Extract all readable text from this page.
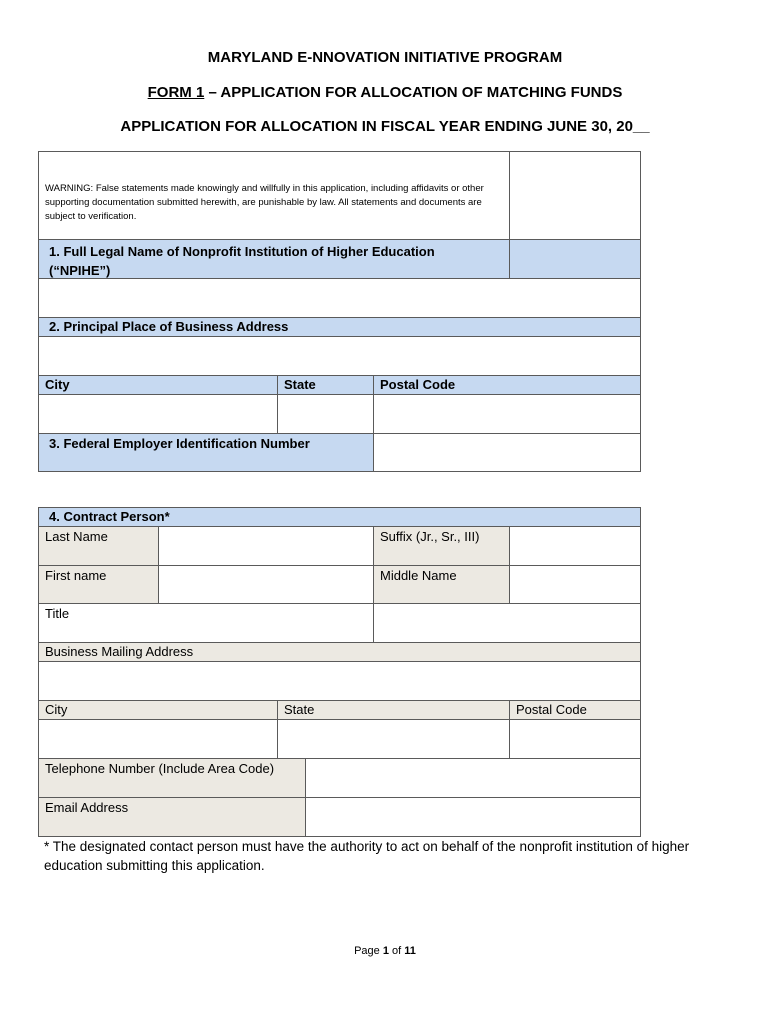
MARYLAND E-NNOVATION INITIATIVE PROGRAM
FORM 1 – APPLICATION FOR ALLOCATION OF MATCHING FUNDS
APPLICATION FOR ALLOCATION IN FISCAL YEAR ENDING JUNE 30, 20__
WARNING: False statements made knowingly and willfully in this application, including affidavits or other supporting documentation submitted herewith, are punishable by law. All statements and documents are subject to verification.
1. Full Legal Name of Nonprofit Institution of Higher Education (“NPIHE”)
2. Principal Place of Business Address
City	State	Postal Code
3. Federal Employer Identification Number
4. Contract Person*
Last Name	Suffix (Jr., Sr., III)
First name	Middle Name
Title
Business Mailing Address
City	State	Postal Code
Telephone Number (Include Area Code)
Email Address
* The designated contact person must have the authority to act on behalf of the nonprofit institution of higher education submitting this application.
Page 1 of 11
